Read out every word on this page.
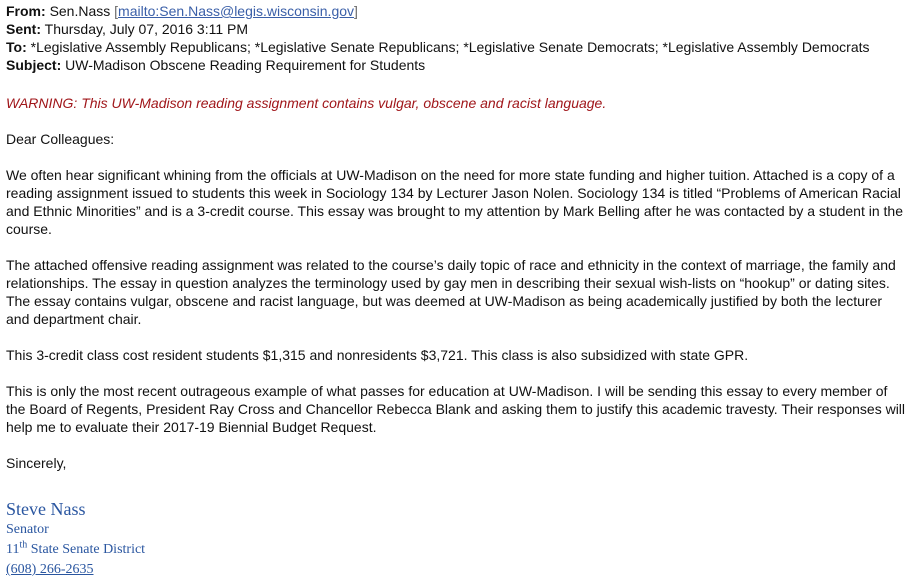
From: Sen.Nass [mailto:Sen.Nass@legis.wisconsin.gov]
Sent: Thursday, July 07, 2016 3:11 PM
To: *Legislative Assembly Republicans; *Legislative Senate Republicans; *Legislative Senate Democrats; *Legislative Assembly Democrats
Subject: UW-Madison Obscene Reading Requirement for Students
WARNING: This UW-Madison reading assignment contains vulgar, obscene and racist language.
Dear Colleagues:
We often hear significant whining from the officials at UW-Madison on the need for more state funding and higher tuition. Attached is a copy of a reading assignment issued to students this week in Sociology 134 by Lecturer Jason Nolen. Sociology 134 is titled “Problems of American Racial and Ethnic Minorities” and is a 3-credit course. This essay was brought to my attention by Mark Belling after he was contacted by a student in the course.
The attached offensive reading assignment was related to the course’s daily topic of race and ethnicity in the context of marriage, the family and relationships. The essay in question analyzes the terminology used by gay men in describing their sexual wish-lists on “hookup” or dating sites. The essay contains vulgar, obscene and racist language, but was deemed at UW-Madison as being academically justified by both the lecturer and department chair.
This 3-credit class cost resident students $1,315 and nonresidents $3,721. This class is also subsidized with state GPR.
This is only the most recent outrageous example of what passes for education at UW-Madison. I will be sending this essay to every member of the Board of Regents, President Ray Cross and Chancellor Rebecca Blank and asking them to justify this academic travesty. Their responses will help me to evaluate their 2017-19 Biennial Budget Request.
Sincerely,
Steve Nass
Senator
11th State Senate District
(608) 266-2635
